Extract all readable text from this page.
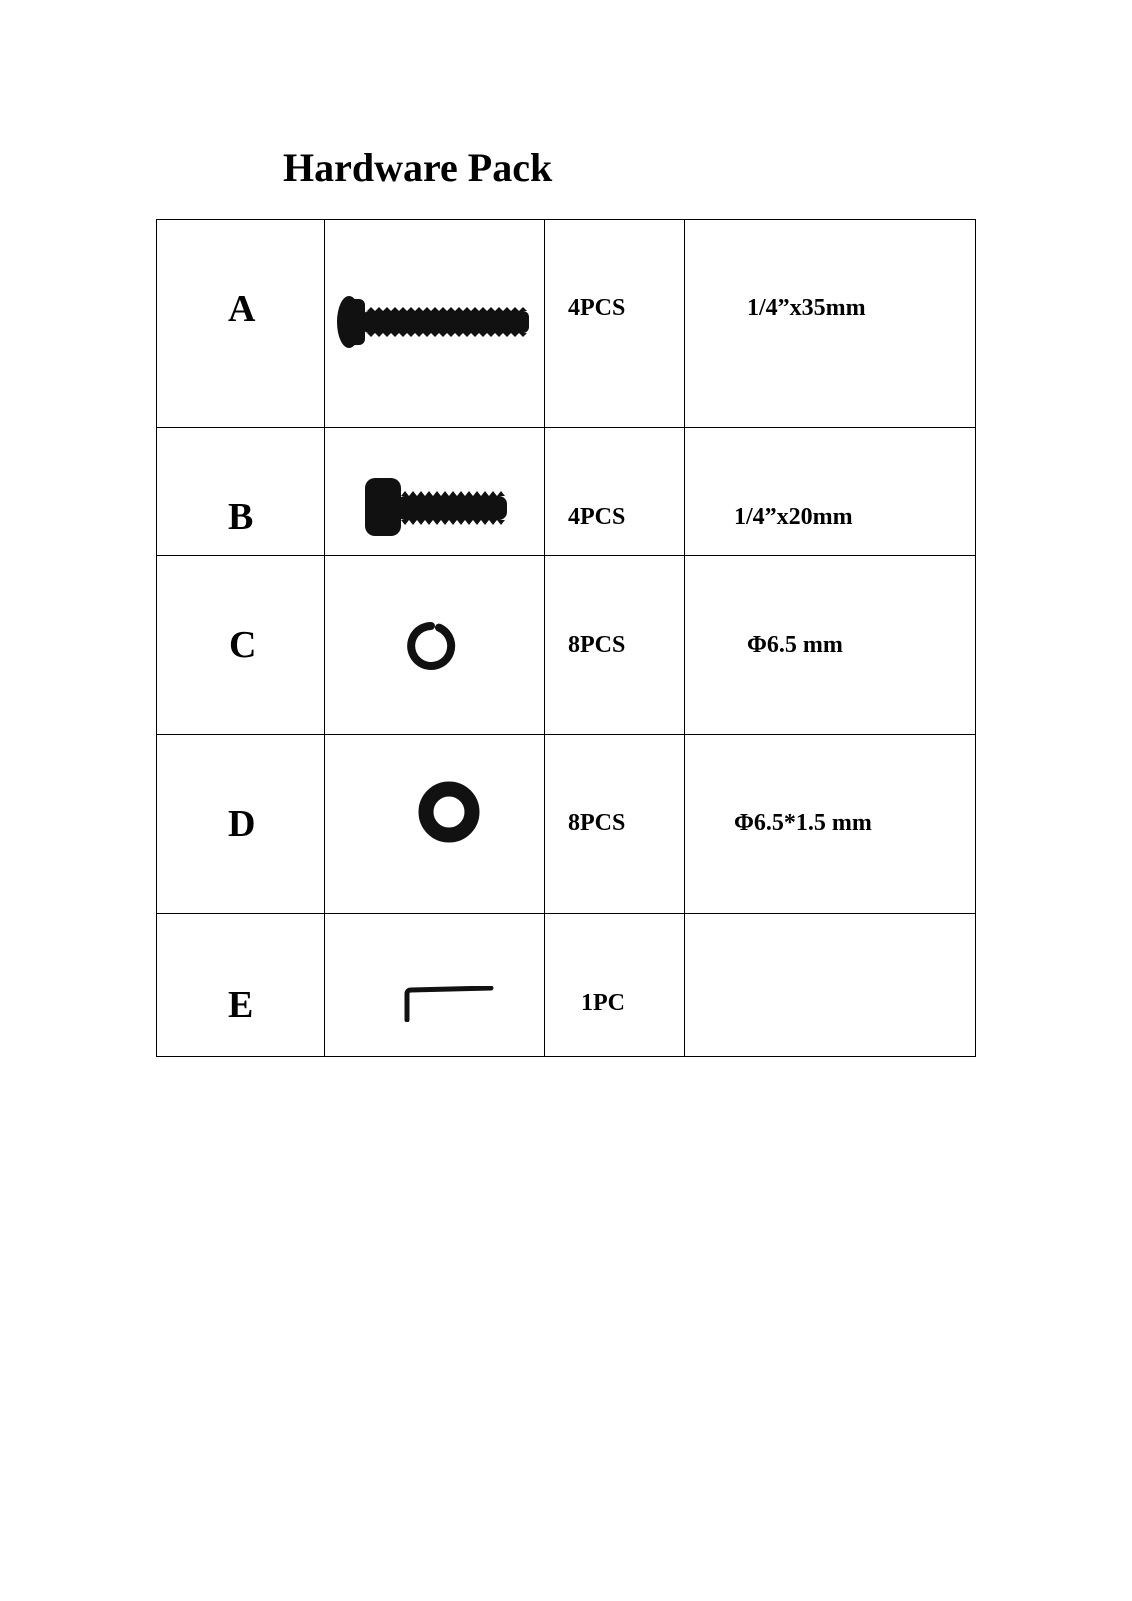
Hardware Pack
A		4PCS	1/4”x35mm

B		4PCS	1/4”x20mm

C		8PCS	Φ6.5 mm

D		8PCS	Φ6.5*1.5 mm

E		1PC	
